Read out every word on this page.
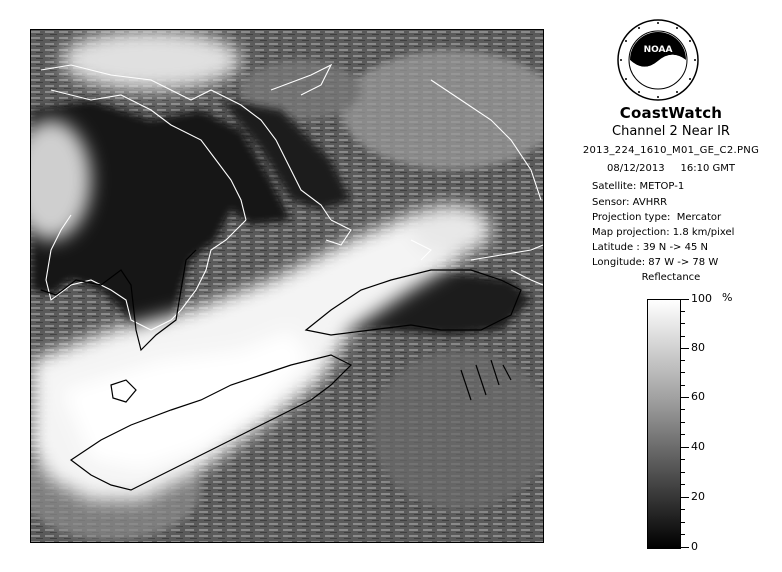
NOAA
CoastWatch
Channel 2 Near IR
2013_224_1610_M01_GE_C2.PNG
08/12/2013     16:10 GMT
Satellite: METOP-1
Sensor: AVHRR
Projection type:  Mercator
Map projection: 1.8 km/pixel
Latitude : 39 N -> 45 N
Longitude: 87 W -> 78 W
Reflectance
%
100
80
60
40
20
0
